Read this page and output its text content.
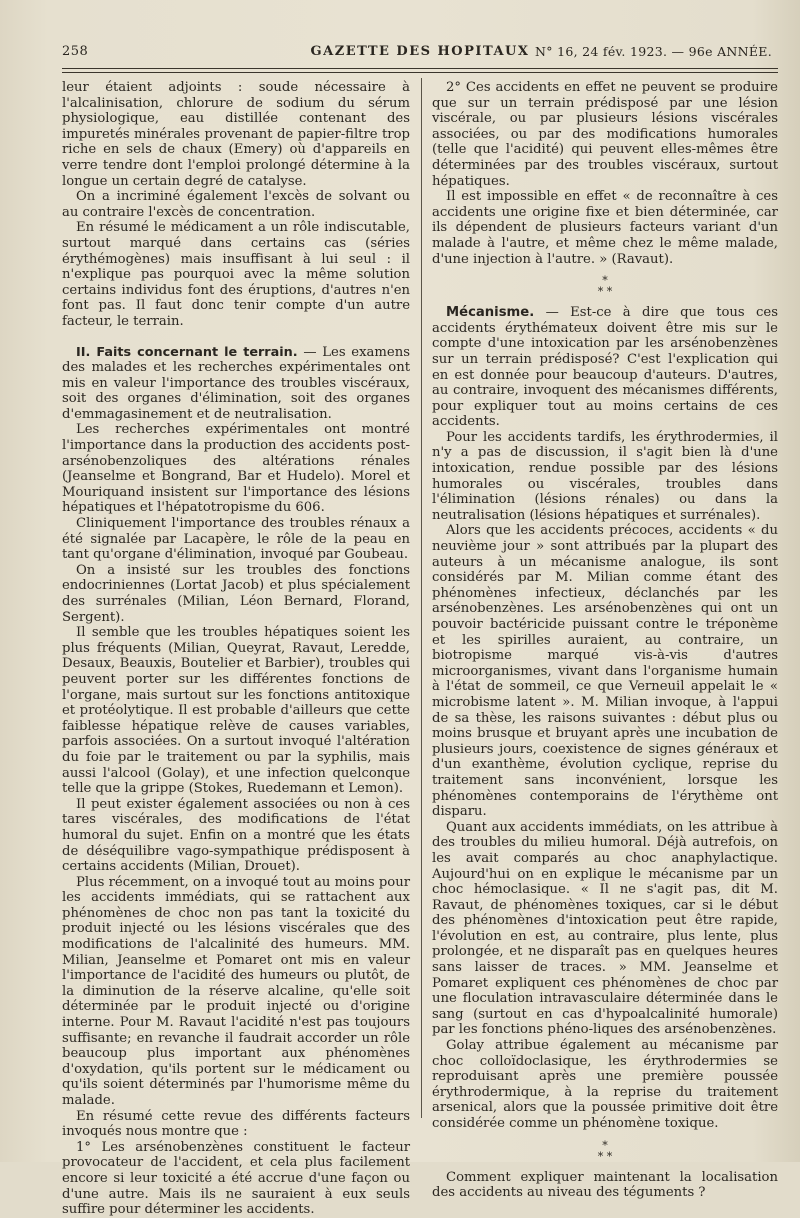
258	GAZETTE DES HOPITAUX N° 16, 24 fév. 1923. — 96e ANNÉE.

leur étaient adjoints : soude nécessaire à l'alcalinisation, chlorure de sodium du sérum physiologique, eau distillée contenant des impuretés minérales provenant de papier-filtre trop riche en sels de chaux (Emery) où d'appareils en verre tendre dont l'emploi prolongé détermine à la longue un certain degré de catalyse.

On a incriminé également l'excès de solvant ou au contraire l'excès de concentration.

En résumé le médicament a un rôle indiscutable, surtout marqué dans certains cas (séries érythémogènes) mais insuffisant à lui seul : il n'explique pas pourquoi avec la même solution certains individus font des éruptions, d'autres n'en font pas. Il faut donc tenir compte d'un autre facteur, le terrain.

II. Faits concernant le terrain. — Les examens des malades et les recherches expérimentales ont mis en valeur l'importance des troubles viscéraux, soit des organes d'élimination, soit des organes d'emmagasinement et de neutralisation.

Les recherches expérimentales ont montré l'importance dans la production des accidents post-arsénobenzoliques des altérations rénales (Jeanselme et Bongrand, Bar et Hudelo). Morel et Mouriquand insistent sur l'importance des lésions hépatiques et l'hépatotropisme du 606.

Cliniquement l'importance des troubles rénaux a été signalée par Lacapère, le rôle de la peau en tant qu'organe d'élimination, invoqué par Goubeau.

On a insisté sur les troubles des fonctions endocriniennes (Lortat Jacob) et plus spécialement des surrénales (Milian, Léon Bernard, Florand, Sergent).

Il semble que les troubles hépatiques soient les plus fréquents (Milian, Queyrat, Ravaut, Leredde, Desaux, Beauxis, Boutelier et Barbier), troubles qui peuvent porter sur les différentes fonctions de l'organe, mais surtout sur les fonctions antitoxique et protéolytique. Il est probable d'ailleurs que cette faiblesse hépatique relève de causes variables, parfois associées. On a surtout invoqué l'altération du foie par le traitement ou par la syphilis, mais aussi l'alcool (Golay), et une infection quelconque telle que la grippe (Stokes, Ruedemann et Lemon).

Il peut exister également associées ou non à ces tares viscérales, des modifications de l'état humoral du sujet. Enfin on a montré que les états de déséquilibre vago-sympathique prédisposent à certains accidents (Milian, Drouet).

Plus récemment, on a invoqué tout au moins pour les accidents immédiats, qui se rattachent aux phénomènes de choc non pas tant la toxicité du produit injecté ou les lésions viscérales que des modifications de l'alcalinité des humeurs. MM. Milian, Jeanselme et Pomaret ont mis en valeur l'importance de l'acidité des humeurs ou plutôt, de la diminution de la réserve alcaline, qu'elle soit déterminée par le produit injecté ou d'origine interne. Pour M. Ravaut l'acidité n'est pas toujours suffisante; en revanche il faudrait accorder un rôle beaucoup plus important aux phénomènes d'oxydation, qu'ils portent sur le médicament ou qu'ils soient déterminés par l'humorisme même du malade.

En résumé cette revue des différents facteurs invoqués nous montre que :

1° Les arsénobenzènes constituent le facteur provocateur de l'accident, et cela plus facilement encore si leur toxicité a été accrue d'une façon ou d'une autre. Mais ils ne sauraient à eux seuls suffire pour déterminer les accidents.

2° Ces accidents en effet ne peuvent se produire que sur un terrain prédisposé par une lésion viscérale, ou par plusieurs lésions viscérales associées, ou par des modifications humorales (telle que l'acidité) qui peuvent elles-mêmes être déterminées par des troubles viscéraux, surtout hépatiques.

Il est impossible en effet « de reconnaître à ces accidents une origine fixe et bien déterminée, car ils dépendent de plusieurs facteurs variant d'un malade à l'autre, et même chez le même malade, d'une injection à l'autre. » (Ravaut).

*
* *

Mécanisme. — Est-ce à dire que tous ces accidents érythémateux doivent être mis sur le compte d'une intoxication par les arsénobenzènes sur un terrain prédisposé? C'est l'explication qui en est donnée pour beaucoup d'auteurs. D'autres, au contraire, invoquent des mécanismes différents, pour expliquer tout au moins certains de ces accidents.

Pour les accidents tardifs, les érythrodermies, il n'y a pas de discussion, il s'agit bien là d'une intoxication, rendue possible par des lésions humorales ou viscérales, troubles dans l'élimination (lésions rénales) ou dans la neutralisation (lésions hépatiques et surrénales).

Alors que les accidents précoces, accidents « du neuvième jour » sont attribués par la plupart des auteurs à un mécanisme analogue, ils sont considérés par M. Milian comme étant des phénomènes infectieux, déclanchés par les arsénobenzènes. Les arsénobenzènes qui ont un pouvoir bactéricide puissant contre le tréponème et les spirilles auraient, au contraire, un biotropisme marqué vis-à-vis d'autres microorganismes, vivant dans l'organisme humain à l'état de sommeil, ce que Verneuil appelait le « microbisme latent ». M. Milian invoque, à l'appui de sa thèse, les raisons suivantes : début plus ou moins brusque et bruyant après une incubation de plusieurs jours, coexistence de signes généraux et d'un exanthème, évolution cyclique, reprise du traitement sans inconvénient, lorsque les phénomènes contemporains de l'érythème ont disparu.

Quant aux accidents immédiats, on les attribue à des troubles du milieu humoral. Déjà autrefois, on les avait comparés au choc anaphylactique. Aujourd'hui on en explique le mécanisme par un choc hémoclasique. « Il ne s'agit pas, dit M. Ravaut, de phénomènes toxiques, car si le début des phénomènes d'intoxication peut être rapide, l'évolution en est, au contraire, plus lente, plus prolongée, et ne disparaît pas en quelques heures sans laisser de traces. » MM. Jeanselme et Pomaret expliquent ces phénomènes de choc par une floculation intravasculaire déterminée dans le sang (surtout en cas d'hypoalcalinité humorale) par les fonctions phéno-liques des arsénobenzènes.

Golay attribue également au mécanisme par choc colloïdoclasique, les érythrodermies se reproduisant après une première poussée érythrodermique, à la reprise du traitement arsenical, alors que la poussée primitive doit être considérée comme un phénomène toxique.

*
* *

Comment expliquer maintenant la localisation des accidents au niveau des téguments ?
